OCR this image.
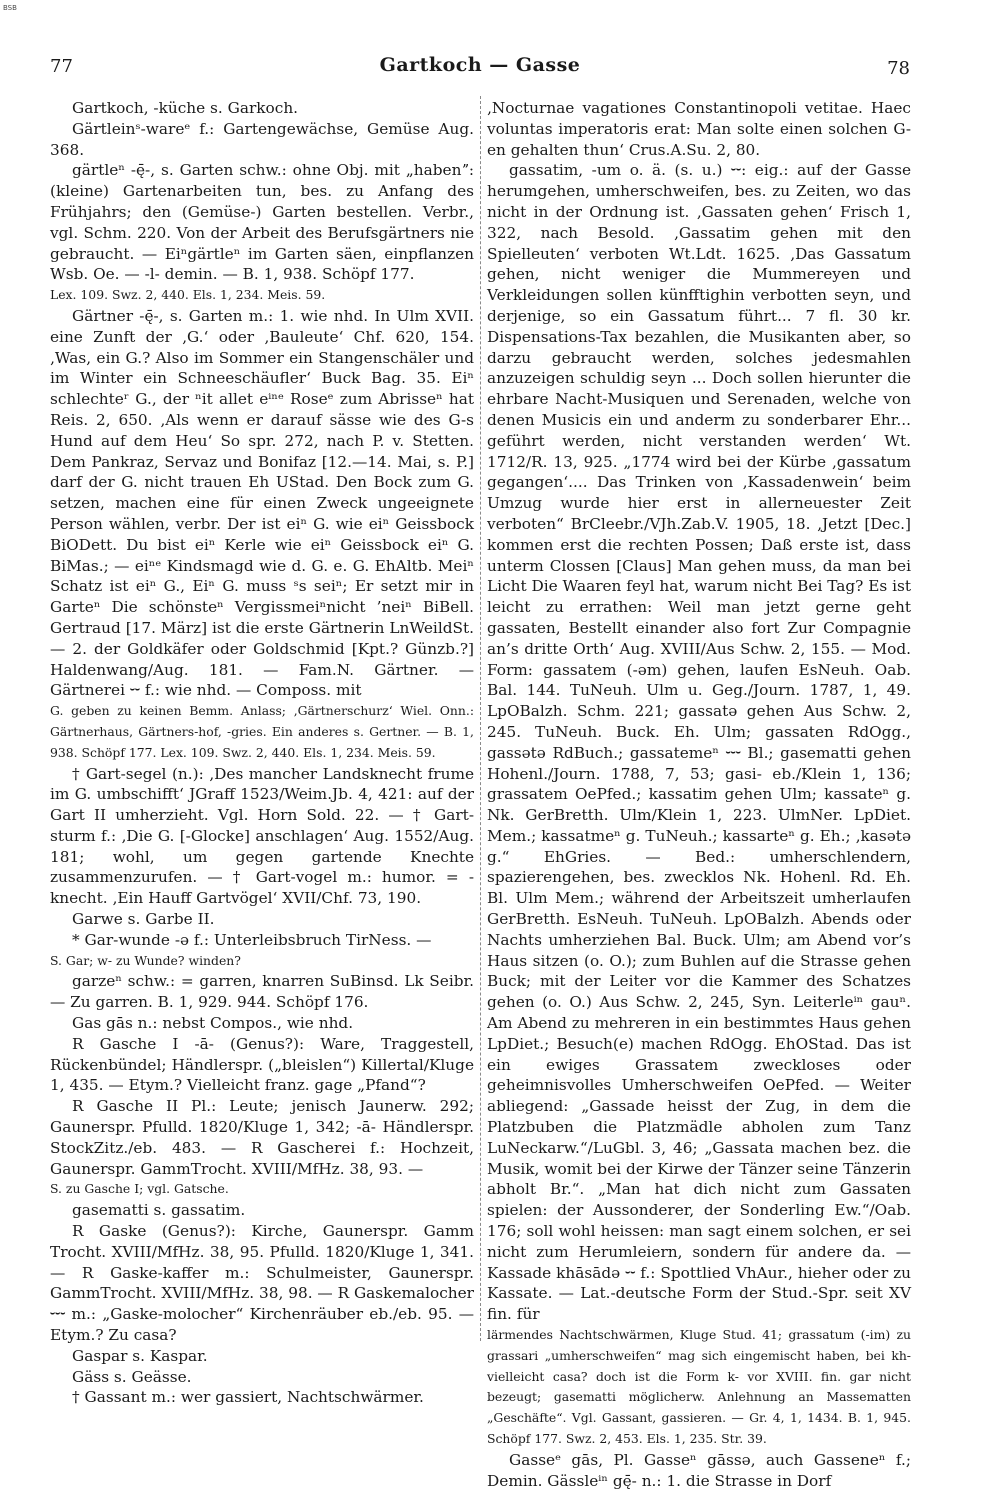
BSB
77	Gartkoch — Gasse	78

Gartkoch, -küche s. Garkoch.

Gärtleinˢ-wareᵉ f.: Gartengewächse, Gemüse Aug. 368.

gärtleⁿ -ę̄-, s. Garten schw.: ohne Obj. mit „habenˮ: (kleine) Gartenarbeiten tun, bes. zu Anfang des Frühjahrs; den (Gemüse-) Garten bestellen. Verbr., vgl. Schm. 220. Von der Arbeit des Berufsgärtners nie gebraucht. — Eiⁿgärtleⁿ im Garten säen, einpflanzen Wsb. Oe. — -l- demin. — B. 1, 938. Schöpf 177.

Lex. 109. Swz. 2, 440. Els. 1, 234. Meis. 59.

Gärtner -ę̄-, s. Garten m.: 1. wie nhd. In Ulm XVII. eine Zunft der ‚G.‘ oder ‚Bauleute‘ Chf. 620, 154. ‚Was, ein G.? Also im Sommer ein Stangenschäler und im Winter ein Schneeschäufler‘ Buck Bag. 35. Eiⁿ schlechteʳ G., der ⁿit allet eⁱⁿᵉ Roseᵉ zum Abrisseⁿ hat Reis. 2, 650. ‚Als wenn er darauf sässe wie des G-s Hund auf dem Heu‘ So spr. 272, nach P. v. Stetten. Dem Pankraz, Servaz und Bonifaz [12.—14. Mai, s. P.] darf der G. nicht trauen Eh UStad. Den Bock zum G. setzen, machen eine für einen Zweck ungeeignete Person wählen, verbr. Der ist eiⁿ G. wie eiⁿ Geissbock BiODett. Du bist eiⁿ Kerle wie eiⁿ Geissbock eiⁿ G. BiMas.; — eiⁿᵉ Kindsmagd wie d. G. e. G. EhAltb. Meiⁿ Schatz ist eiⁿ G., Eiⁿ G. muss ˢs seiⁿ; Er setzt mir in Garteⁿ Die schönsteⁿ Vergissmeiⁿnicht ’neiⁿ BiBell. Gertraud [17. März] ist die erste Gärtnerin LnWeildSt. — 2. der Goldkäfer oder Goldschmid [Kpt.? Günzb.?] Haldenwang/Aug. 181. — Fam.N. Gärtner. — Gärtnerei ⏑⏑ f.: wie nhd. — Composs. mit

G. geben zu keinen Bemm. Anlass; ‚Gärtnerschurz‘ Wiel. Onn.: Gärtnerhaus, Gärtners-hof, -gries. Ein anderes s. Gertner. — B. 1, 938. Schöpf 177. Lex. 109. Swz. 2, 440. Els. 1, 234. Meis. 59.

† Gart-segel (n.): ‚Des mancher Landsknecht frume im G. umbschifft‘ JGraff 1523/Weim.Jb. 4, 421: auf der Gart II umherzieht. Vgl. Horn Sold. 22. — † Gart-sturm f.: ‚Die G. [-Glocke] anschlagen‘ Aug. 1552/Aug. 181; wohl, um gegen gartende Knechte zusammenzurufen. — † Gart-vogel m.: humor. = -knecht. ‚Ein Hauff Gartvögel‘ XVII/Chf. 73, 190.

Garwe s. Garbe II.

* Gar-wunde -ə f.: Unterleibsbruch TirNess. —

S. Gar; w- zu Wunde? winden?

garzeⁿ schw.: = garren, knarren SuBinsd. Lk Seibr. — Zu garren. B. 1, 929. 944. Schöpf 176.

Gas gās n.: nebst Compos., wie nhd.

R Gasche I -ā- (Genus?): Ware, Traggestell, Rückenbündel; Händlerspr. („bleislen“) Killertal/Kluge 1, 435. — Etym.? Vielleicht franz. gage „Pfand“?

R Gasche II Pl.: Leute; jenisch Jaunerw. 292; Gaunerspr. Pfulld. 1820/Kluge 1, 342; -ā- Händlerspr. StockZitz./eb. 483. — R Gascherei f.: Hochzeit, Gaunerspr. GammTrocht. XVIII/MfHz. 38, 93. —

S. zu Gasche I; vgl. Gatsche.

gasematti s. gassatim.

R Gaske (Genus?): Kirche, Gaunerspr. Gamm Trocht. XVIII/MfHz. 38, 95. Pfulld. 1820/Kluge 1, 341. — R Gaske-kaffer m.: Schulmeister, Gaunerspr. GammTrocht. XVIII/MfHz. 38, 98. — R Gaskemalocher ⏑⏑⏑ m.: „Gaske-molocher“ Kirchenräuber eb./eb. 95. — Etym.? Zu casa?

Gaspar s. Kaspar.

Gäss s. Geässe.

† Gassant m.: wer gassiert, Nachtschwärmer.

‚Nocturnae vagationes Constantinopoli vetitae. Haec voluntas imperatoris erat: Man solte einen solchen G-en gehalten thun‘ Crus.A.Su. 2, 80.

gassatim, -um o. ä. (s. u.) ⏑⏑: eig.: auf der Gasse herumgehen, umherschweifen, bes. zu Zeiten, wo das nicht in der Ordnung ist. ‚Gassaten gehen‘ Frisch 1, 322, nach Besold. ‚Gassatim gehen mit den Spielleuten‘ verboten Wt.Ldt. 1625. ‚Das Gassatum gehen, nicht weniger die Mummereyen und Verkleidungen sollen künfftighin verbotten seyn, und derjenige, so ein Gassatum führt... 7 fl. 30 kr. Dispensations-Tax bezahlen, die Musikanten aber, so darzu gebraucht werden, solches jedesmahlen anzuzeigen schuldig seyn ... Doch sollen hierunter die ehrbare Nacht-Musiquen und Serenaden, welche von denen Musicis ein und anderm zu sonderbarer Ehr... geführt werden, nicht verstanden werden‘ Wt. 1712/R. 13, 925. „1774 wird bei der Kürbe ‚gassatum gegangen‘.... Das Trinken von ‚Kassadenwein‘ beim Umzug wurde hier erst in allerneuester Zeit verboten“ BrCleebr./VJh.Zab.V. 1905, 18. ‚Jetzt [Dec.] kommen erst die rechten Possen; Daß erste ist, dass unterm Clossen [Claus] Man gehen muss, da man bei Licht Die Waaren feyl hat, warum nicht Bei Tag? Es ist leicht zu errathen: Weil man jetzt gerne geht gassaten, Bestellt einander also fort Zur Compagnie an’s dritte Orth‘ Aug. XVIII/Aus Schw. 2, 155. — Mod. Form: gassatem (-əm) gehen, laufen EsNeuh. Oab. Bal. 144. TuNeuh. Ulm u. Geg./Journ. 1787, 1, 49. LpOBalzh. Schm. 221; gassatə gehen Aus Schw. 2, 245. TuNeuh. Buck. Eh. Ulm; gassaten RdOgg., gassətə RdBuch.; gassatemeⁿ ⏑⏑⏑ Bl.; gasematti gehen Hohenl./Journ. 1788, 7, 53; gasi- eb./Klein 1, 136; grassatem OePfed.; kassatim gehen Ulm; kassateⁿ g. Nk. GerBretth. Ulm/Klein 1, 223. UlmNer. LpDiet. Mem.; kassatmeⁿ g. TuNeuh.; kassarteⁿ g. Eh.; ‚kasətə g.“ EhGries. — Bed.: umherschlendern, spazierengehen, bes. zwecklos Nk. Hohenl. Rd. Eh. Bl. Ulm Mem.; während der Arbeitszeit umherlaufen GerBretth. EsNeuh. TuNeuh. LpOBalzh. Abends oder Nachts umherziehen Bal. Buck. Ulm; am Abend vor’s Haus sitzen (o. O.); zum Buhlen auf die Strasse gehen Buck; mit der Leiter vor die Kammer des Schatzes gehen (o. O.) Aus Schw. 2, 245, Syn. Leiterleⁱⁿ gauⁿ. Am Abend zu mehreren in ein bestimmtes Haus gehen LpDiet.; Besuch(e) machen RdOgg. EhOStad. Das ist ein ewiges Grassatem zweckloses oder geheimnisvolles Umherschweifen OePfed. — Weiter abliegend: „Gassade heisst der Zug, in dem die Platzbuben die Platzmädle abholen zum Tanz LuNeckarw.“/LuGbl. 3, 46; „Gassata machen bez. die Musik, womit bei der Kirwe der Tänzer seine Tänzerin abholt Br.“. „Man hat dich nicht zum Gassaten spielen: der Aussonderer, der Sonderling Ew.“/Oab. 176; soll wohl heissen: man sagt einem solchen, er sei nicht zum Herumleiern, sondern für andere da. — Kassade khāsādə ⏑⏑ f.: Spottlied VhAur., hieher oder zu Kassate. — Lat.-deutsche Form der Stud.-Spr. seit XV fin. für

lärmendes Nachtschwärmen, Kluge Stud. 41; grassatum (-im) zu grassari „umherschweifen“ mag sich eingemischt haben, bei kh- vielleicht casa? doch ist die Form k- vor XVIII. fin. gar nicht bezeugt; gasematti möglicherw. Anlehnung an Massematten „Geschäfte“. Vgl. Gassant, gassieren. — Gr. 4, 1, 1434. B. 1, 945. Schöpf 177. Swz. 2, 453. Els. 1, 235. Str. 39.

Gasseᵉ gās, Pl. Gasseⁿ gāssə, auch Gasseneⁿ f.; Demin. Gässleⁱⁿ gę̄- n.: 1. die Strasse in Dorf
